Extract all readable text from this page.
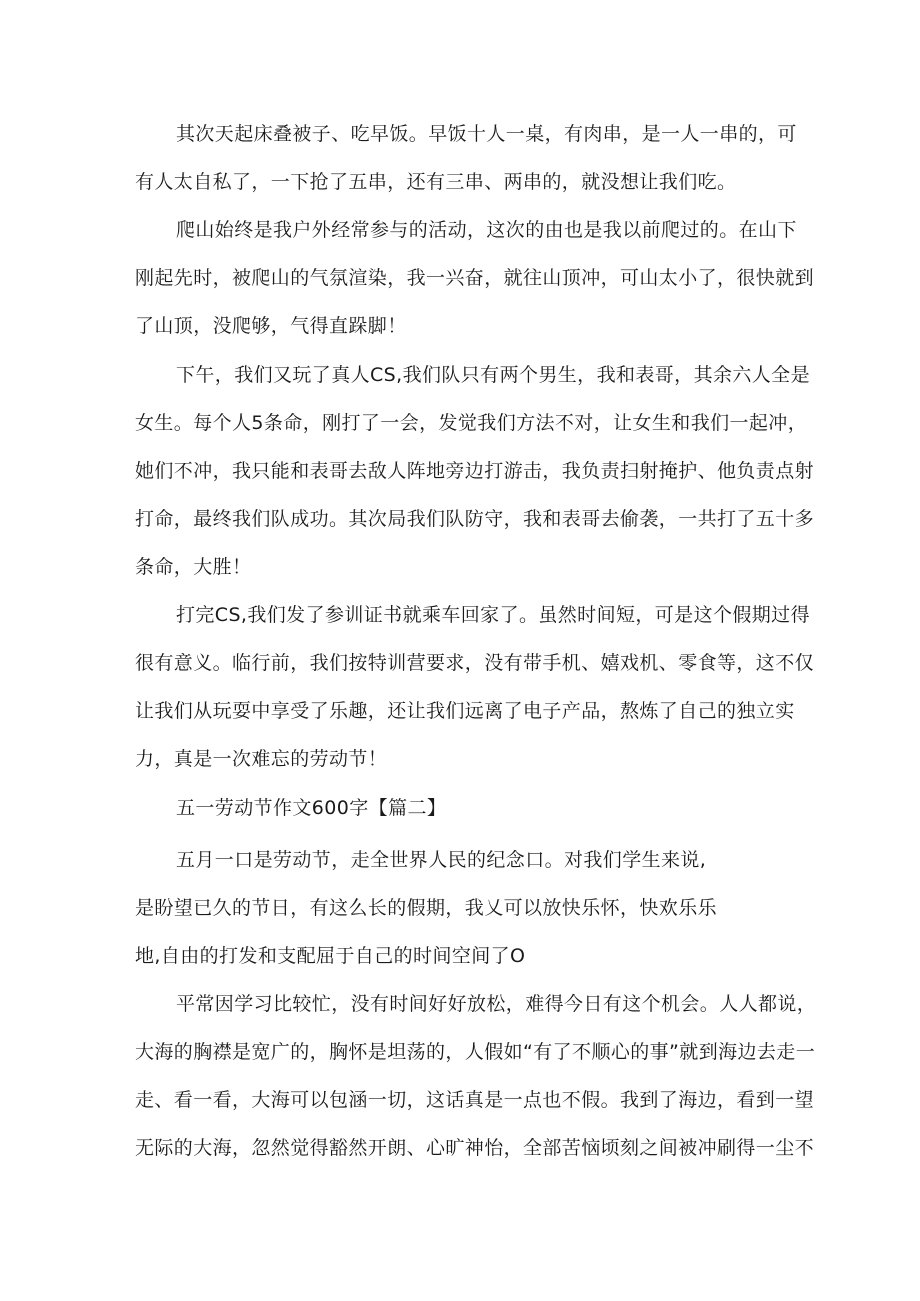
其次天起床叠被子、吃早饭。早饭十人一桌，有肉串，是一人一串的，可
有人太自私了，一下抢了五串，还有三串、两串的，就没想让我们吃。
爬山始终是我户外经常参与的活动，这次的由也是我以前爬过的。在山下
刚起先时，被爬山的气氛渲染，我一兴奋，就往山顶冲，可山太小了，很快就到
了山顶，没爬够，气得直跺脚！
下午，我们又玩了真人CS,我们队只有两个男生，我和表哥，其余六人全是
女生。每个人5条命，刚打了一会，发觉我们方法不对，让女生和我们一起冲，
她们不冲，我只能和表哥去敌人阵地旁边打游击，我负责扫射掩护、他负责点射
打命，最终我们队成功。其次局我们队防守，我和表哥去偷袭，一共打了五十多
条命，大胜！
打完CS,我们发了参训证书就乘车回家了。虽然时间短，可是这个假期过得
很有意义。临行前，我们按特训营要求，没有带手机、嬉戏机、零食等，这不仅
让我们从玩耍中享受了乐趣，还让我们远离了电子产品，熬炼了自己的独立实
力，真是一次难忘的劳动节！
五一劳动节作文600字【篇二】
五月一口是劳动节，走全世界人民的纪念口。对我们学生来说,
是盼望已久的节日，有这么长的假期，我乂可以放快乐怀，快欢乐乐
地,自由的打发和支配屈于自己的时间空间了O
平常因学习比较忙，没有时间好好放松，难得今日有这个机会。人人都说，
大海的胸襟是宽广的，胸怀是坦荡的，人假如“有了不顺心的事”就到海边去走一
走、看一看，大海可以包涵一切，这话真是一点也不假。我到了海边，看到一望
无际的大海，忽然觉得豁然开朗、心旷神怡，全部苦恼顷刻之间被冲刷得一尘不
